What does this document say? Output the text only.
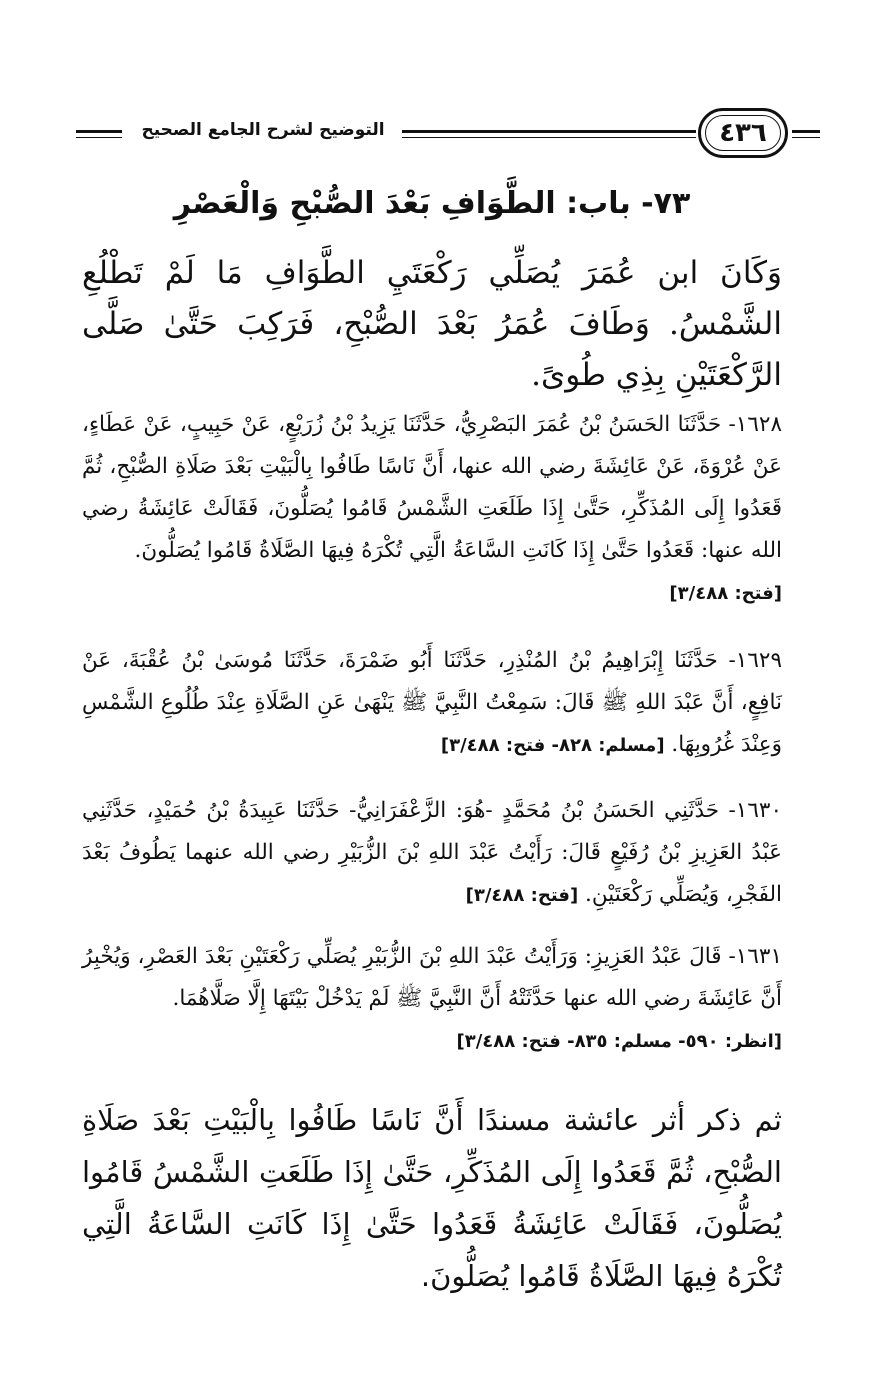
التوضيح لشرح الجامع الصحيح	٤٣٦
٧٣- باب: الطَّوَافِ بَعْدَ الصُّبْحِ وَالْعَصْرِ
وَكَانَ ابن عُمَرَ يُصَلِّي رَكْعَتَيِ الطَّوَافِ مَا لَمْ تَطْلُعِ الشَّمْسُ. وَطَافَ عُمَرُ بَعْدَ الصُّبْحِ، فَرَكِبَ حَتَّىٰ صَلَّى الرَّكْعَتَيْنِ بِذِي طُوىً.
١٦٢٨- حَدَّثَنَا الحَسَنُ بْنُ عُمَرَ البَصْرِيُّ، حَدَّثَنَا يَزِيدُ بْنُ زُرَيْعٍ، عَنْ حَبِيبٍ، عَنْ عَطَاءٍ، عَنْ عُرْوَةَ، عَنْ عَائِشَةَ رضي الله عنها، أَنَّ نَاسًا طَافُوا بِالْبَيْتِ بَعْدَ صَلَاةِ الصُّبْحِ، ثُمَّ قَعَدُوا إِلَى المُذَكِّرِ، حَتَّىٰ إِذَا طَلَعَتِ الشَّمْسُ قَامُوا يُصَلُّونَ، فَقَالَتْ عَائِشَةُ رضي الله عنها: قَعَدُوا حَتَّىٰ إِذَا كَانَتِ السَّاعَةُ الَّتِي تُكْرَهُ فِيهَا الصَّلَاةُ قَامُوا يُصَلُّونَ.
[فتح: ٣/٤٨٨]
١٦٢٩- حَدَّثَنَا إِبْرَاهِيمُ بْنُ المُنْذِرِ، حَدَّثَنَا أَبُو ضَمْرَةَ، حَدَّثَنَا مُوسَىٰ بْنُ عُقْبَةَ، عَنْ نَافِعٍ، أَنَّ عَبْدَ اللهِ ﷺ قَالَ: سَمِعْتُ النَّبِيَّ ﷺ يَنْهَىٰ عَنِ الصَّلَاةِ عِنْدَ طُلُوعِ الشَّمْسِ وَعِنْدَ غُرُوبِهَا. [مسلم: ٨٢٨- فتح: ٣/٤٨٨]
١٦٣٠- حَدَّثَنِي الحَسَنُ بْنُ مُحَمَّدٍ -هُوَ: الزَّعْفَرَانِيُّ- حَدَّثَنَا عَبِيدَةُ بْنُ حُمَيْدٍ، حَدَّثَنِي عَبْدُ العَزِيزِ بْنُ رُفَيْعٍ قَالَ: رَأَيْتُ عَبْدَ اللهِ بْنَ الزُّبَيْرِ رضي الله عنهما يَطُوفُ بَعْدَ الفَجْرِ، وَيُصَلِّي رَكْعَتَيْنِ. [فتح: ٣/٤٨٨]
١٦٣١- قَالَ عَبْدُ العَزِيزِ: وَرَأَيْتُ عَبْدَ اللهِ بْنَ الزُّبَيْرِ يُصَلِّي رَكْعَتَيْنِ بَعْدَ العَصْرِ، وَيُخْبِرُ أَنَّ عَائِشَةَ رضي الله عنها حَدَّثَتْهُ أَنَّ النَّبِيَّ ﷺ لَمْ يَدْخُلْ بَيْتَهَا إِلَّا صَلَّاهُمَا.
[انظر: ٥٩٠- مسلم: ٨٣٥- فتح: ٣/٤٨٨]
ثم ذكر أثر عائشة مسندًا أَنَّ نَاسًا طَافُوا بِالْبَيْتِ بَعْدَ صَلَاةِ الصُّبْحِ، ثُمَّ قَعَدُوا إِلَى المُذَكِّرِ، حَتَّىٰ إِذَا طَلَعَتِ الشَّمْسُ قَامُوا يُصَلُّونَ، فَقَالَتْ عَائِشَةُ قَعَدُوا حَتَّىٰ إِذَا كَانَتِ السَّاعَةُ الَّتِي تُكْرَهُ فِيهَا الصَّلَاةُ قَامُوا يُصَلُّونَ.
